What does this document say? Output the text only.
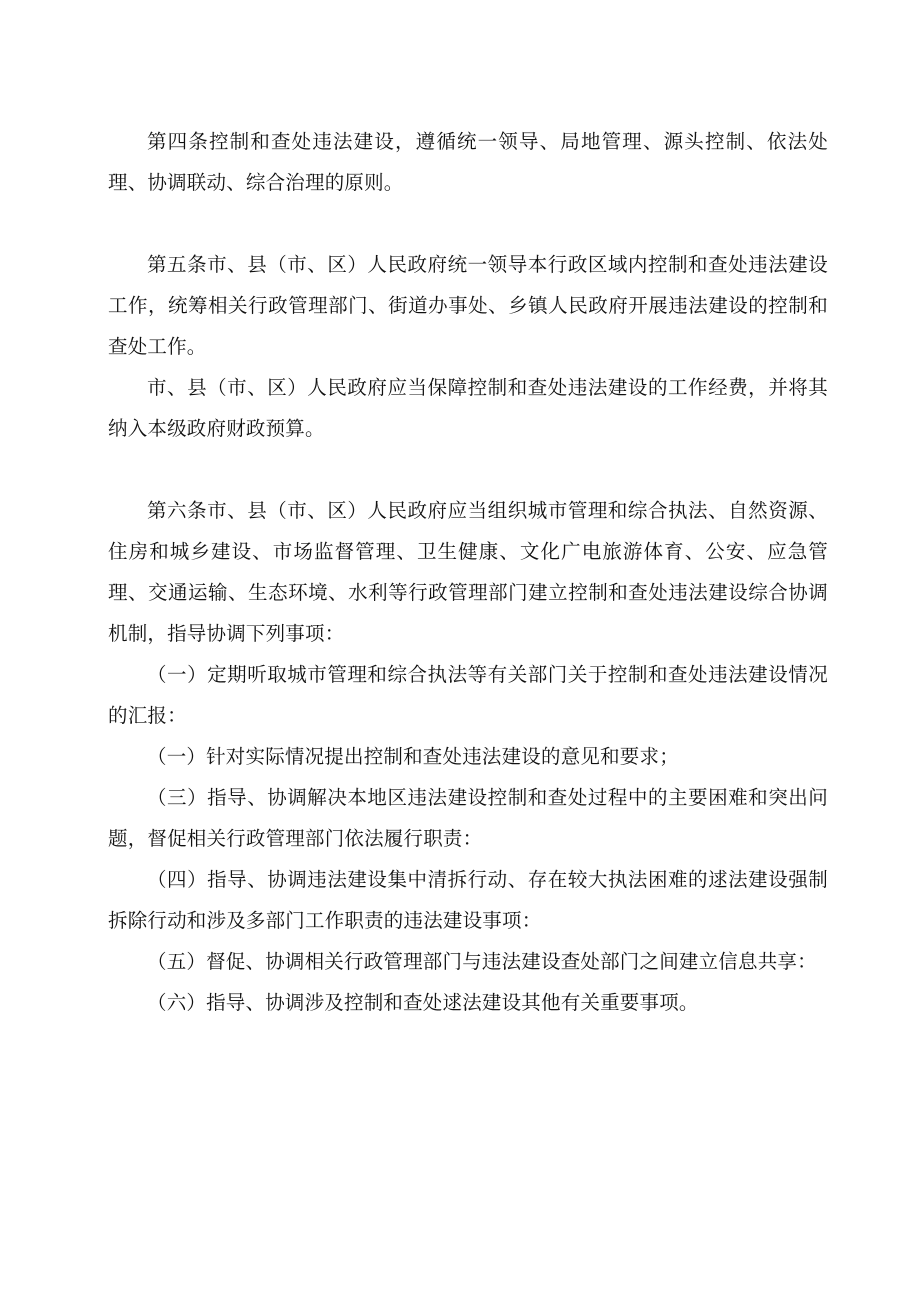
第四条控制和查处违法建设，遵循统一领导、局地管理、源头控制、依法处理、协调联动、综合治理的原则。

第五条市、县（市、区）人民政府统一领导本行政区域内控制和查处违法建设工作，统筹相关行政管理部门、街道办事处、乡镇人民政府开展违法建设的控制和查处工作。

市、县（市、区）人民政府应当保障控制和查处违法建设的工作经费，并将其纳入本级政府财政预算。

第六条市、县（市、区）人民政府应当组织城市管理和综合执法、自然资源、住房和城乡建设、市场监督管理、卫生健康、文化广电旅游体育、公安、应急管理、交通运输、生态环境、水利等行政管理部门建立控制和查处违法建设综合协调机制，指导协调下列事项：

（一）定期听取城市管理和综合执法等有关部门关于控制和查处违法建设情况的汇报：

（一）针对实际情况提出控制和查处违法建设的意见和要求；

（三）指导、协调解决本地区违法建设控制和查处过程中的主要困难和突出问题，督促相关行政管理部门依法履行职责：

（四）指导、协调违法建设集中清拆行动、存在较大执法困难的逑法建设强制拆除行动和涉及多部门工作职责的违法建设事项：

（五）督促、协调相关行政管理部门与违法建设查处部门之间建立信息共享：

（六）指导、协调涉及控制和查处逑法建设其他有关重要事项。
